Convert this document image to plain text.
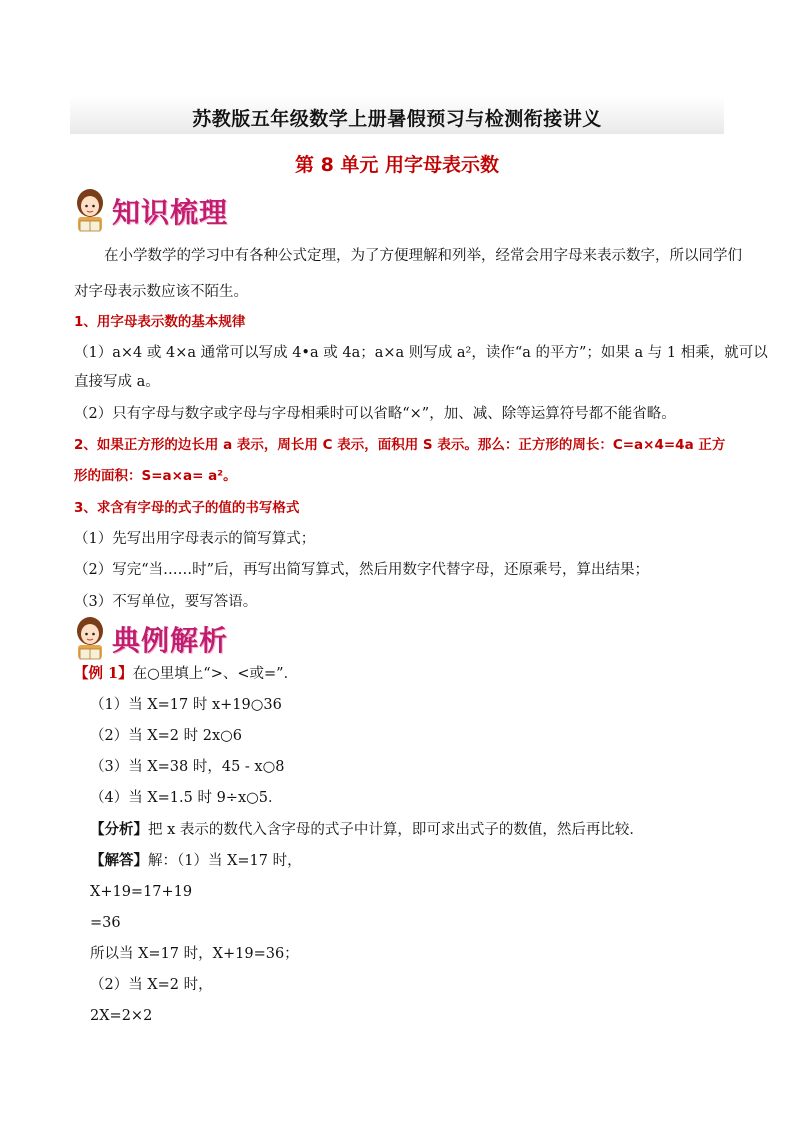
苏教版五年级数学上册暑假预习与检测衔接讲义
第 8 单元 用字母表示数
知识梳理
在小学数学的学习中有各种公式定理，为了方便理解和列举，经常会用字母来表示数字，所以同学们
对字母表示数应该不陌生。
1、用字母表示数的基本规律
（1）a×4 或 4×a 通常可以写成 4•a 或 4a；a×a 则写成 a²，读作“a 的平方”；如果 a 与 1 相乘，就可以
直接写成 a。
（2）只有字母与数字或字母与字母相乘时可以省略“×”，加、减、除等运算符号都不能省略。
2、如果正方形的边长用 a 表示，周长用 C 表示，面积用 S 表示。那么：正方形的周长：C=a×4=4a 正方
形的面积：S=a×a= a²。
3、求含有字母的式子的值的书写格式
（1）先写出用字母表示的简写算式；
（2）写完“当……时”后，再写出简写算式，然后用数字代替字母，还原乘号，算出结果；
（3）不写单位，要写答语。
典例解析
【例 1】在○里填上“>、<或=”．
（1）当 X=17 时 x+19○36
（2）当 X=2 时 2x○6
（3）当 X=38 时，45 - x○8
（4）当 X=1.5 时 9÷x○5．
【分析】把 x 表示的数代入含字母的式子中计算，即可求出式子的数值，然后再比较．
【解答】解：（1）当 X=17 时，
X+19=17+19
=36
所以当 X=17 时，X+19=36；
（2）当 X=2 时，
2X=2×2
